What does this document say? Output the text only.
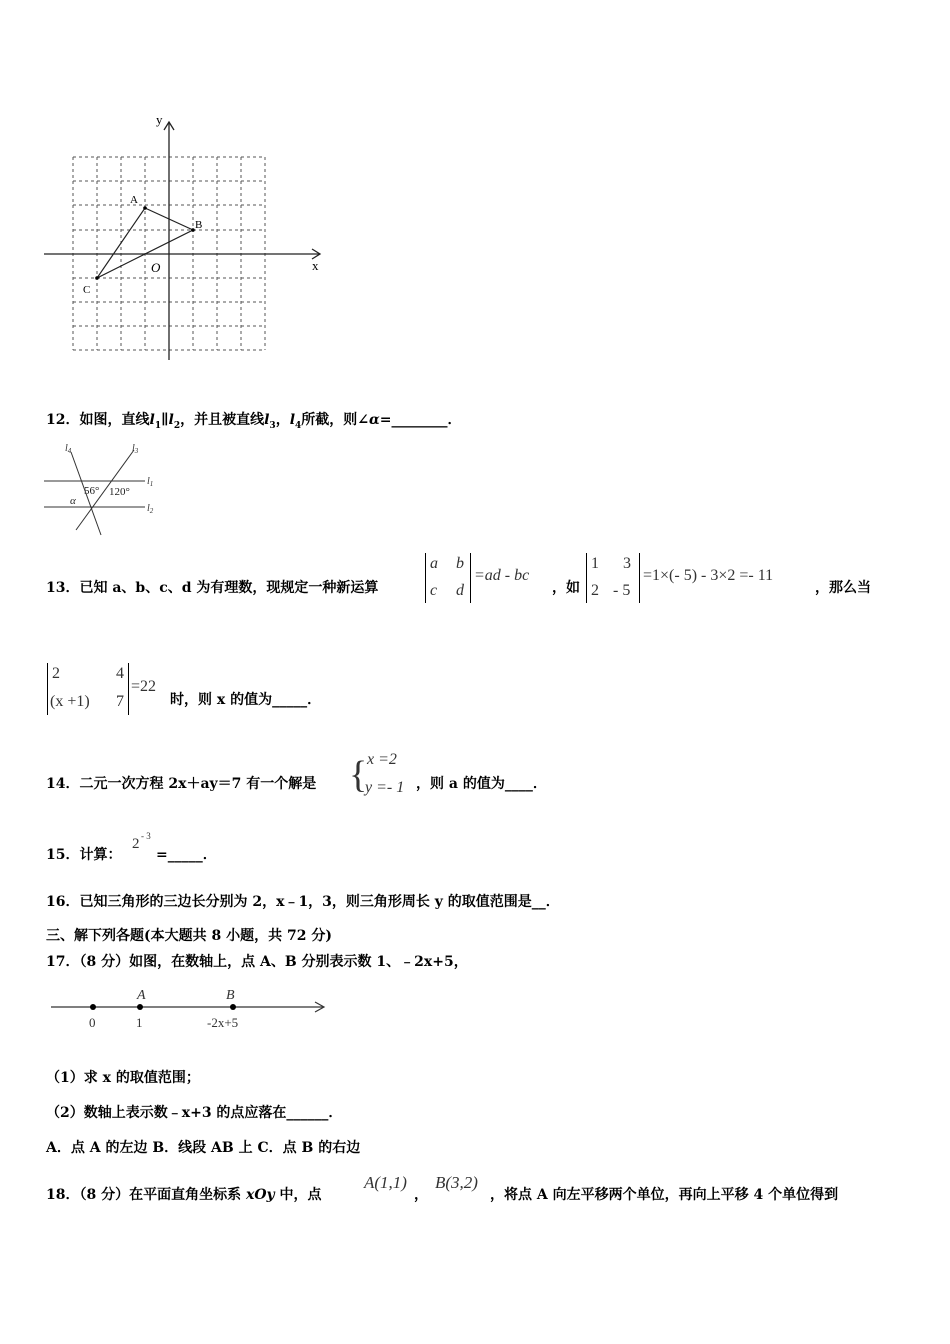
y
x
O
A
B
C
12．如图，直线$l_1\parallel l_2$，并且被直线$l_3$，$l_4$所截，则∠α=________．
$l_4$	$l_3$
$l_1$
$l_2$
56° 120°
α
13．已知 a、b、c、d 为有理数，现规定一种新运算
a b
c d
=ad - bc
，如
1 3
2 - 5
=1×(- 5) - 3×2 =- 11
，那么当
2	4
(x +1) 7
=22
时，则 x 的值为_____．
14．二元一次方程 2x＋ay＝7 有一个解是 { x =2
y =- 1 ，则 a 的值为____．
15．计算：
2 - 3
=_____．
16．已知三角形的三边长分别为 2，x﹣1，3，则三角形周长 y 的取值范围是__．
三、解下列各题(本大题共 8 小题，共 72 分)
17．（8 分）如图，在数轴上，点 A、B 分别表示数 1、﹣2x+5，
A	B
0	1	-2x+5
（1）求 x 的取值范围；
（2）数轴上表示数﹣x+3 的点应落在______．
A．点 A 的左边 B．线段 AB 上 C．点 B 的右边
18．（8 分）在平面直角坐标系 xOy 中，点
A(1,1)
，
B(3,2)
，将点 A 向左平移两个单位，再向上平移 4 个单位得到
